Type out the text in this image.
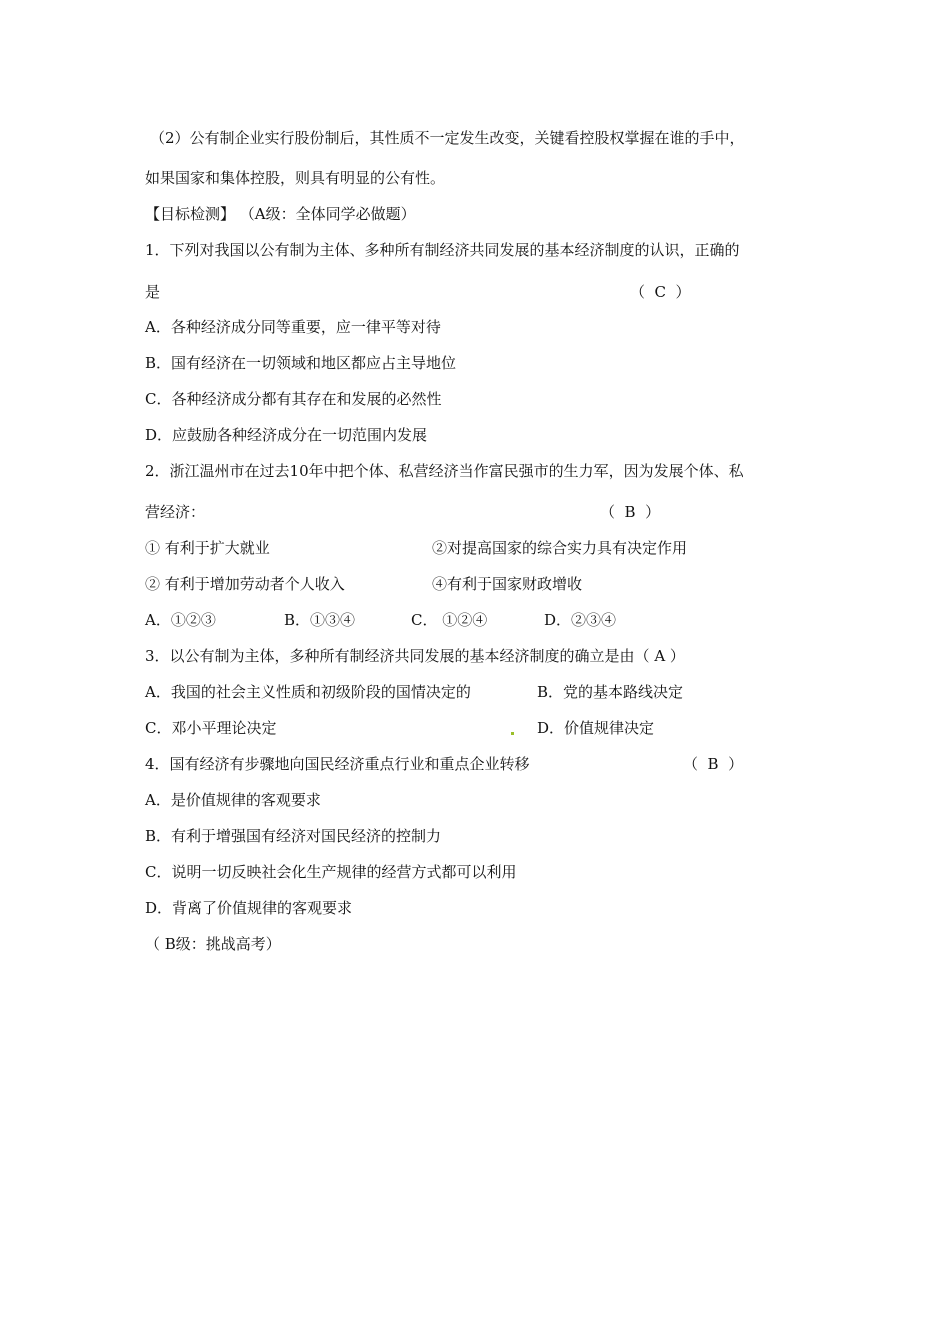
（2）公有制企业实行股份制后，其性质不一定发生改变，关键看控股权掌握在谁的手中，
如果国家和集体控股，则具有明显的公有性。
【目标检测】 （A级：全体同学必做题）
1．下列对我国以公有制为主体、多种所有制经济共同发展的基本经济制度的认识，正确的
是	（  C  ）
A．各种经济成分同等重要，应一律平等对待
B．国有经济在一切领域和地区都应占主导地位
C．各种经济成分都有其存在和发展的必然性
D．应鼓励各种经济成分在一切范围内发展
2．浙江温州市在过去10年中把个体、私营经济当作富民强市的生力军，因为发展个体、私
营经济：	（  B  ）
① 有利于扩大就业	②对提高国家的综合实力具有决定作用
② 有利于增加劳动者个人收入	④有利于国家财政增收
A．①②③	B．①③④	C． ①②④	D．②③④
3．以公有制为主体，多种所有制经济共同发展的基本经济制度的确立是由（ A ）
A．我国的社会主义性质和初级阶段的国情决定的	B．党的基本路线决定
C．邓小平理论决定	D．价值规律决定
4．国有经济有步骤地向国民经济重点行业和重点企业转移	（  B  ）
A．是价值规律的客观要求
B．有利于增强国有经济对国民经济的控制力
C．说明一切反映社会化生产规律的经营方式都可以利用
D．背离了价值规律的客观要求
（ B级：挑战高考）
